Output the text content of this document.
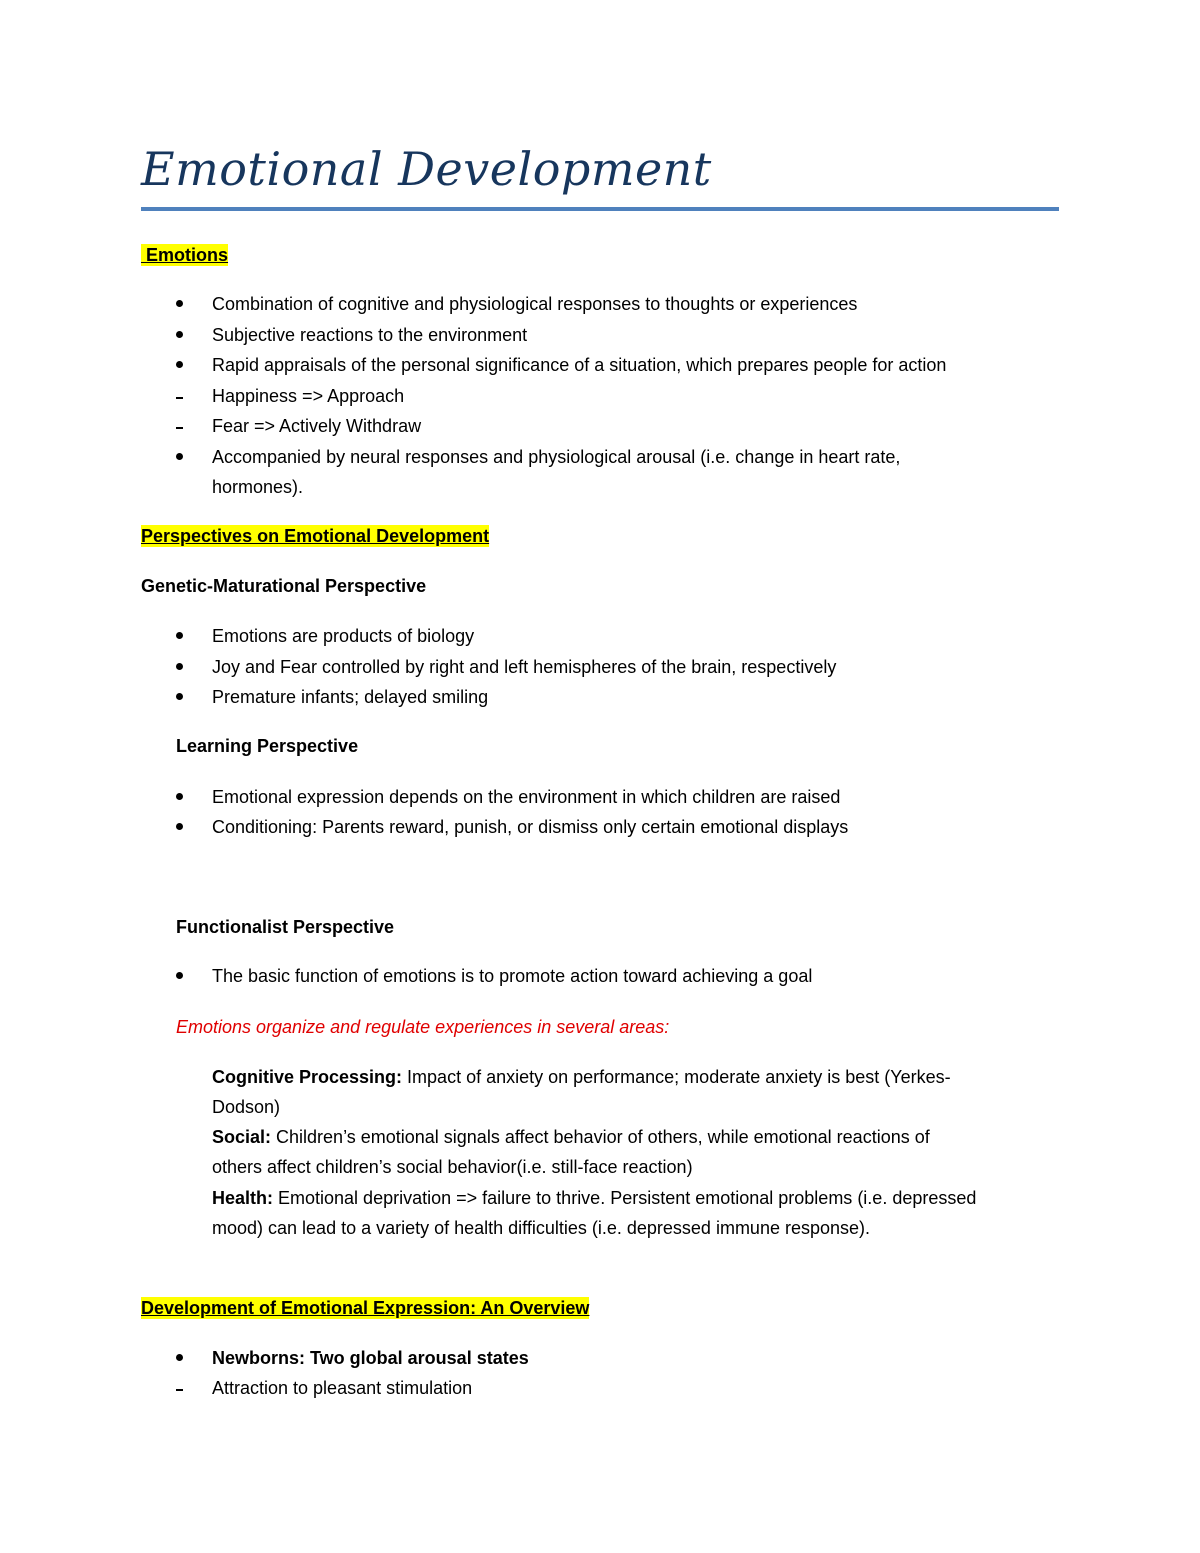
Emotional Development
Emotions
Combination of cognitive and physiological responses to thoughts or experiences
Subjective reactions to the environment
Rapid appraisals of the personal significance of a situation, which prepares people for action
Happiness => Approach
Fear => Actively Withdraw
Accompanied by neural responses and physiological arousal (i.e. change in heart rate,
hormones).
Perspectives on Emotional Development
Genetic-Maturational Perspective
Emotions are products of biology
Joy and Fear controlled by right and left hemispheres of the brain, respectively
Premature infants; delayed smiling
Learning Perspective
Emotional expression depends on the environment in which children are raised
Conditioning: Parents reward, punish, or dismiss only certain emotional displays
Functionalist Perspective
The basic function of emotions is to promote action toward achieving a goal
Emotions organize and regulate experiences in several areas:
Cognitive Processing: Impact of anxiety on performance; moderate anxiety is best (Yerkes-
Dodson)
Social: Children’s emotional signals affect behavior of others, while emotional reactions of
others affect children’s social behavior(i.e. still-face reaction)
Health: Emotional deprivation => failure to thrive. Persistent emotional problems (i.e. depressed
mood) can lead to a variety of health difficulties (i.e. depressed immune response).
Development of Emotional Expression: An Overview
Newborns: Two global arousal states
Attraction to pleasant stimulation
